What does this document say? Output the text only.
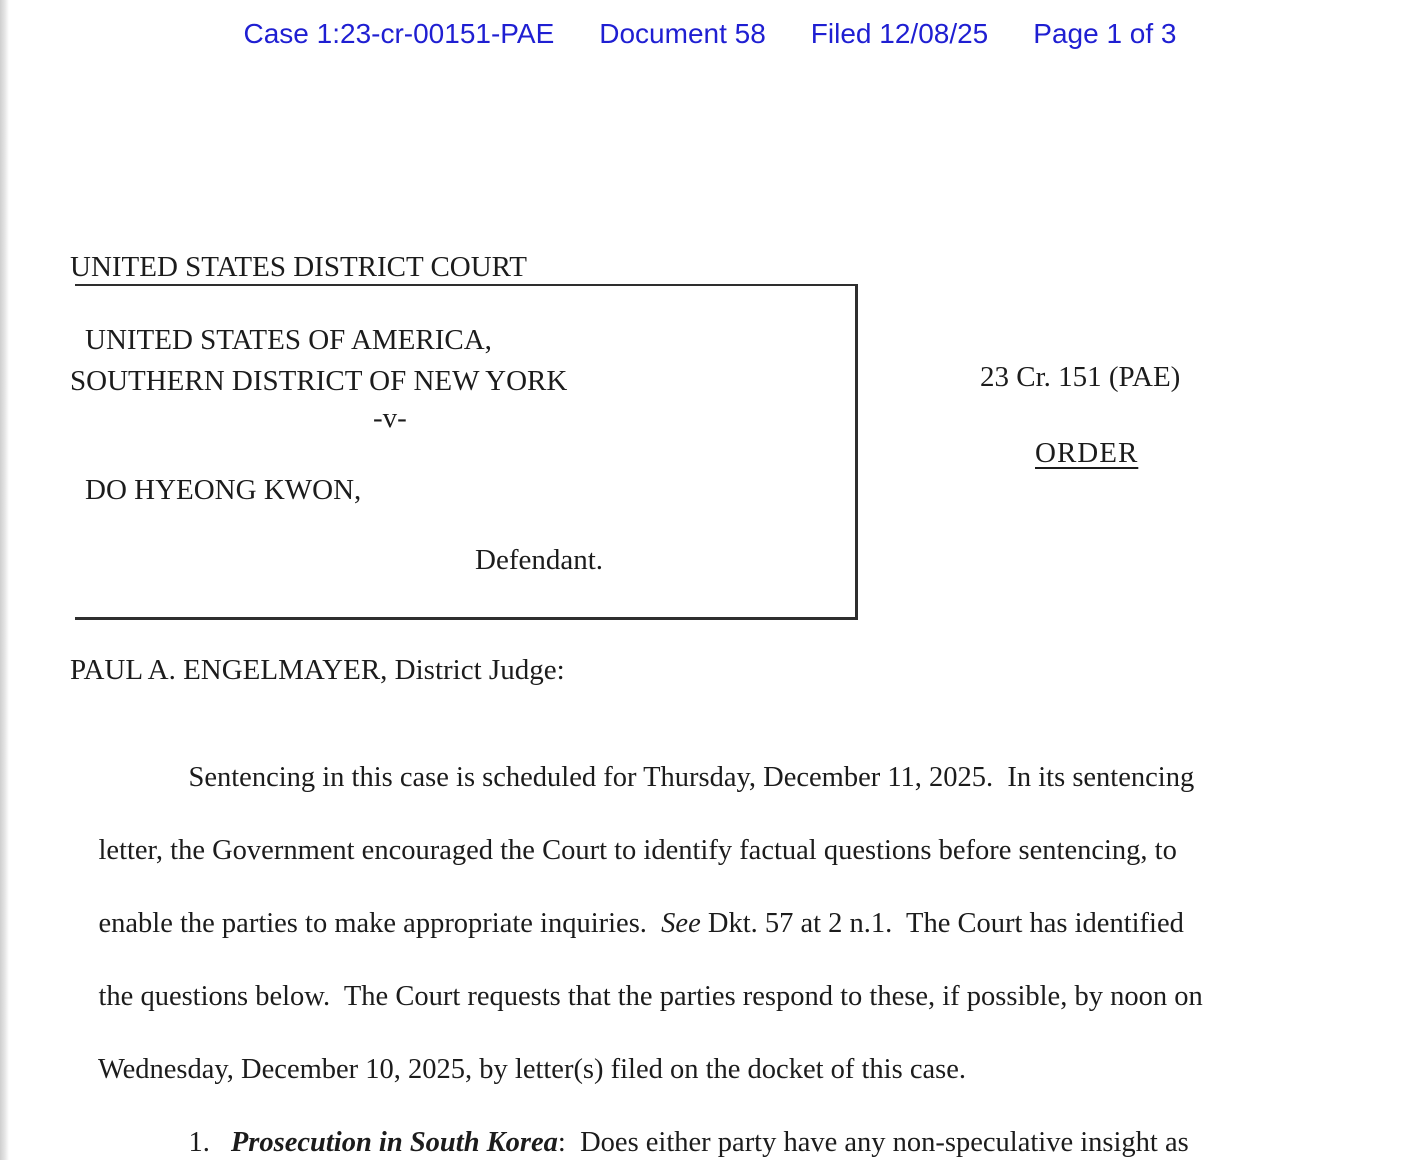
Case 1:23-cr-00151-PAE Document 58 Filed 12/08/25 Page 1 of 3

UNITED STATES DISTRICT COURT

SOUTHERN DISTRICT OF NEW YORK

UNITED STATES OF AMERICA,
-v-
DO HYEONG KWON,
Defendant.
23 Cr. 151 (PAE)
ORDER
PAUL A. ENGELMAYER, District Judge:

Sentencing in this case is scheduled for Thursday, December 11, 2025.  In its sentencing

letter, the Government encouraged the Court to identify factual questions before sentencing, to

enable the parties to make appropriate inquiries.  See Dkt. 57 at 2 n.1.  The Court has identified

the questions below.  The Court requests that the parties respond to these, if possible, by noon on

Wednesday, December 10, 2025, by letter(s) filed on the docket of this case.

1. Prosecution in South Korea:  Does either party have any non-speculative insight as
